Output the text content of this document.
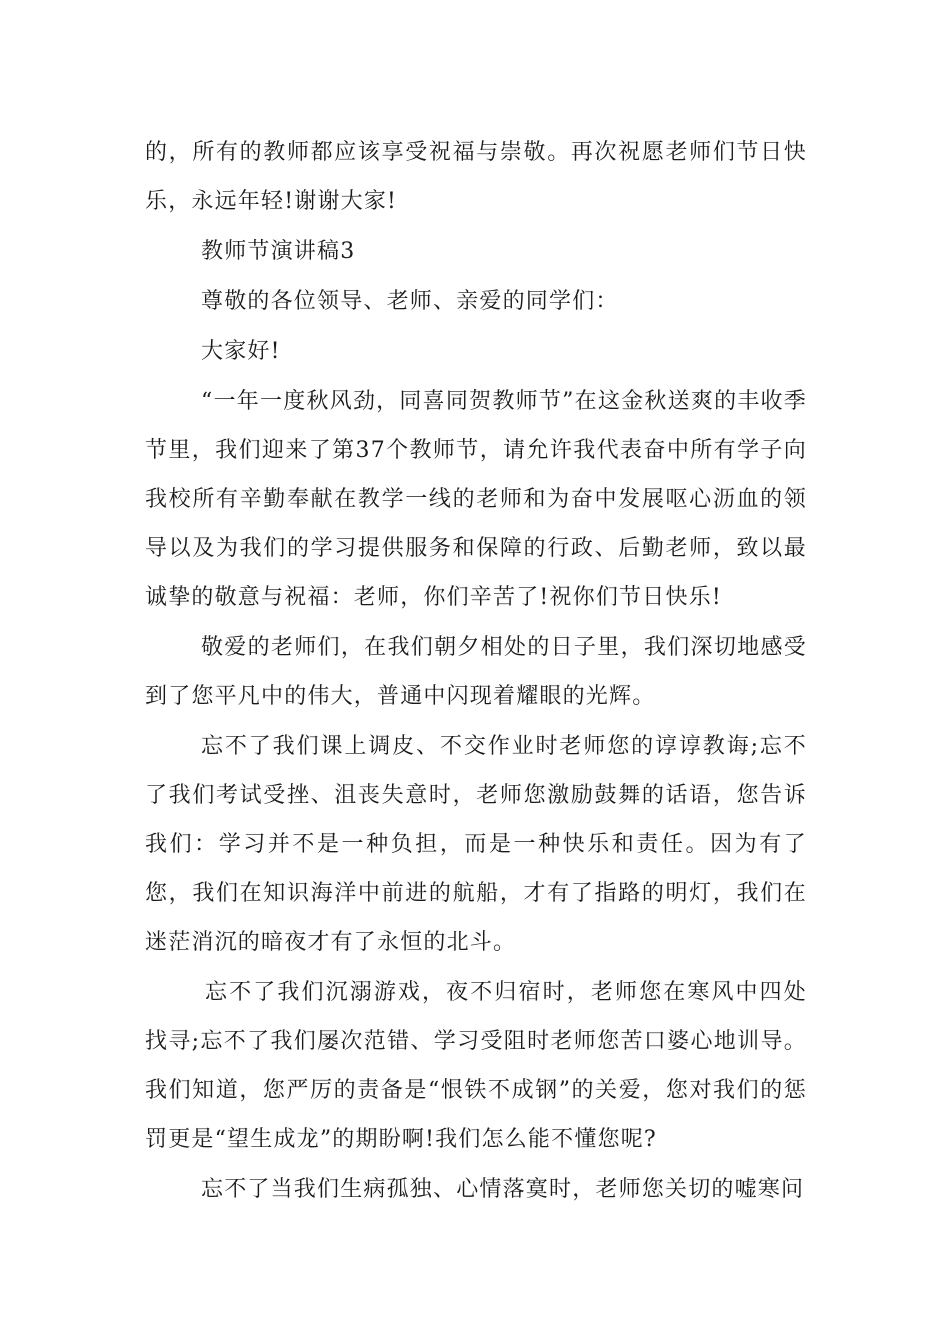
的，所有的教师都应该享受祝福与崇敬。再次祝愿老师们节日快乐，永远年轻!谢谢大家!

教师节演讲稿3

尊敬的各位领导、老师、亲爱的同学们：

大家好!

“一年一度秋风劲，同喜同贺教师节”在这金秋送爽的丰收季节里，我们迎来了第37个教师节，请允许我代表奋中所有学子向我校所有辛勤奉献在教学一线的老师和为奋中发展呕心沥血的领导以及为我们的学习提供服务和保障的行政、后勤老师，致以最诚挚的敬意与祝福：老师，你们辛苦了!祝你们节日快乐!

敬爱的老师们，在我们朝夕相处的日子里，我们深切地感受到了您平凡中的伟大，普通中闪现着耀眼的光辉。

忘不了我们课上调皮、不交作业时老师您的谆谆教诲;忘不了我们考试受挫、沮丧失意时，老师您激励鼓舞的话语，您告诉我们：学习并不是一种负担，而是一种快乐和责任。因为有了您，我们在知识海洋中前进的航船，才有了指路的明灯，我们在迷茫消沉的暗夜才有了永恒的北斗。

忘不了我们沉溺游戏，夜不归宿时，老师您在寒风中四处找寻;忘不了我们屡次范错、学习受阻时老师您苦口婆心地训导。我们知道，您严厉的责备是“恨铁不成钢”的关爱，您对我们的惩罚更是“望生成龙”的期盼啊!我们怎么能不懂您呢?

忘不了当我们生病孤独、心情落寞时，老师您关切的嘘寒问
